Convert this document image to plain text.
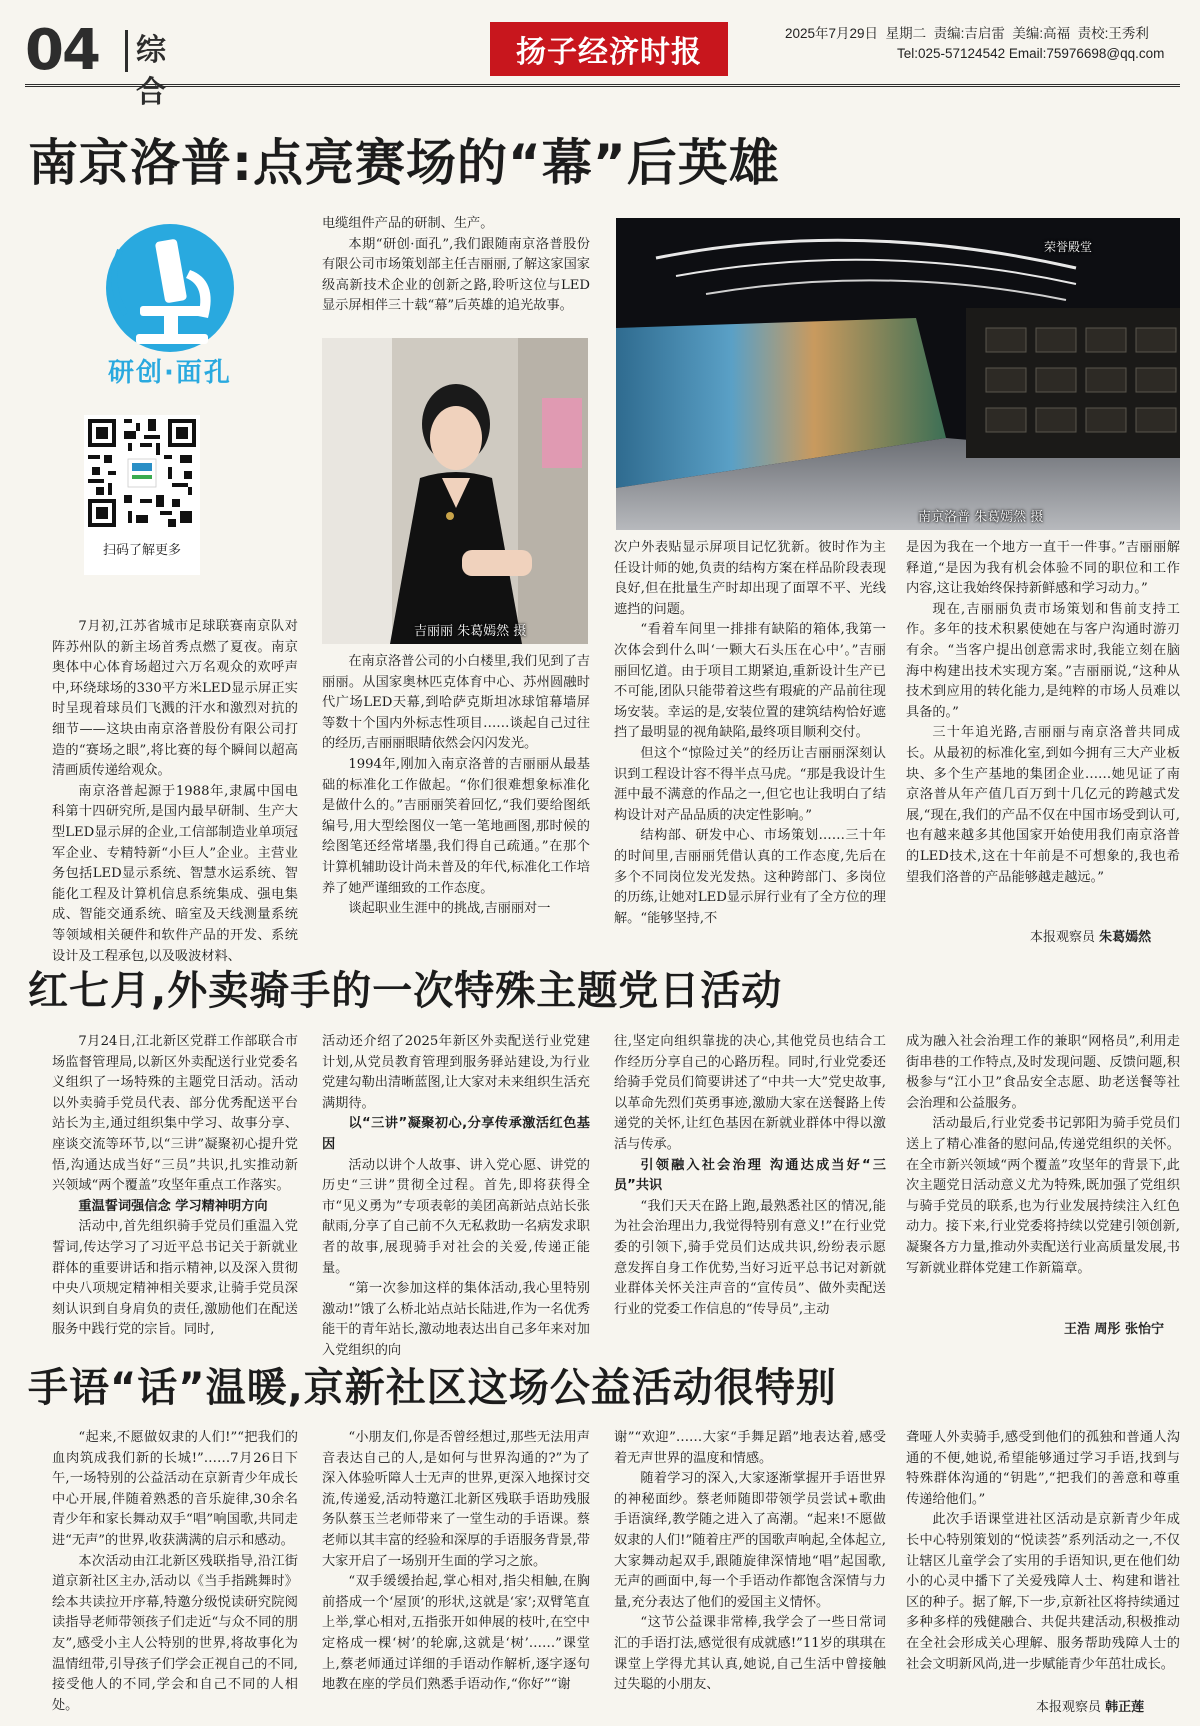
04	综合
扬子经济时报
2025年7月29日 星期二 责编:吉启雷 美编:高福 责校:王秀利
Tel:025-57124542 Email:75976698@qq.com
南京洛普:点亮赛场的“幕”后英雄
研创·面孔
扫码了解更多

7月初,江苏省城市足球联赛南京队对阵苏州队的新主场首秀点燃了夏夜。南京奥体中心体育场超过六万名观众的欢呼声中,环绕球场的330平方米LED显示屏正实时呈现着球员们飞溅的汗水和激烈对抗的细节——这块由南京洛普股份有限公司打造的“赛场之眼”,将比赛的每个瞬间以超高清画质传递给观众。

南京洛普起源于1988年,隶属中国电科第十四研究所,是国内最早研制、生产大型LED显示屏的企业,工信部制造业单项冠军企业、专精特新“小巨人”企业。主营业务包括LED显示系统、智慧水运系统、智能化工程及计算机信息系统集成、强电集成、智能交通系统、暗室及天线测量系统等领域相关硬件和软件产品的开发、系统设计及工程承包,以及吸波材料、

电缆组件产品的研制、生产。

本期“研创·面孔”,我们跟随南京洛普股份有限公司市场策划部主任吉丽丽,了解这家国家级高新技术企业的创新之路,聆听这位与LED显示屏相伴三十载“幕”后英雄的追光故事。

吉丽丽 朱葛嫣然 摄

在南京洛普公司的小白楼里,我们见到了吉丽丽。从国家奥林匹克体育中心、苏州圆融时代广场LED天幕,到哈萨克斯坦冰球馆幕墙屏等数十个国内外标志性项目……谈起自己过往的经历,吉丽丽眼睛依然会闪闪发光。

1994年,刚加入南京洛普的吉丽丽从最基础的标准化工作做起。“你们很难想象标准化是做什么的。”吉丽丽笑着回忆,“我们要给图纸编号,用大型绘图仪一笔一笔地画图,那时候的绘图笔还经常堵墨,我们得自己疏通。”在那个计算机辅助设计尚未普及的年代,标准化工作培养了她严谨细致的工作态度。

谈起职业生涯中的挑战,吉丽丽对一

荣誉殿堂
南京洛普 朱葛嫣然 摄

次户外表贴显示屏项目记忆犹新。彼时作为主任设计师的她,负责的结构方案在样品阶段表现良好,但在批量生产时却出现了面罩不平、光线遮挡的问题。

“看着车间里一排排有缺陷的箱体,我第一次体会到什么叫‘一颗大石头压在心中’。”吉丽丽回忆道。由于项目工期紧迫,重新设计生产已不可能,团队只能带着这些有瑕疵的产品前往现场安装。幸运的是,安装位置的建筑结构恰好遮挡了最明显的视角缺陷,最终项目顺利交付。

但这个“惊险过关”的经历让吉丽丽深刻认识到工程设计容不得半点马虎。“那是我设计生涯中最不满意的作品之一,但它也让我明白了结构设计对产品品质的决定性影响。”

结构部、研发中心、市场策划……三十年的时间里,吉丽丽凭借认真的工作态度,先后在多个不同岗位发光发热。这种跨部门、多岗位的历练,让她对LED显示屏行业有了全方位的理解。“能够坚持,不

是因为我在一个地方一直干一件事。”吉丽丽解释道,“是因为我有机会体验不同的职位和工作内容,这让我始终保持新鲜感和学习动力。”

现在,吉丽丽负责市场策划和售前支持工作。多年的技术积累使她在与客户沟通时游刃有余。“当客户提出创意需求时,我能立刻在脑海中构建出技术实现方案。”吉丽丽说,“这种从技术到应用的转化能力,是纯粹的市场人员难以具备的。”

三十年追光路,吉丽丽与南京洛普共同成长。从最初的标准化室,到如今拥有三大产业板块、多个生产基地的集团企业……她见证了南京洛普从年产值几百万到十几亿元的跨越式发展,“现在,我们的产品不仅在中国市场受到认可,也有越来越多其他国家开始使用我们南京洛普的LED技术,这在十年前是不可想象的,我也希望我们洛普的产品能够越走越远。”

本报观察员 朱葛嫣然
红七月,外卖骑手的一次特殊主题党日活动

7月24日,江北新区党群工作部联合市场监督管理局,以新区外卖配送行业党委名义组织了一场特殊的主题党日活动。活动以外卖骑手党员代表、部分优秀配送平台站长为主,通过组织集中学习、故事分享、座谈交流等环节,以“三讲”凝聚初心提升党悟,沟通达成当好“三员”共识,扎实推动新兴领域“两个覆盖”攻坚年重点工作落实。

重温誓词强信念 学习精神明方向

活动中,首先组织骑手党员们重温入党誓词,传达学习了习近平总书记关于新就业群体的重要讲话和指示精神,以及深入贯彻中央八项规定精神相关要求,让骑手党员深刻认识到自身肩负的责任,激励他们在配送服务中践行党的宗旨。同时,

活动还介绍了2025年新区外卖配送行业党建计划,从党员教育管理到服务驿站建设,为行业党建勾勒出清晰蓝图,让大家对未来组织生活充满期待。

以“三讲”凝聚初心,分享传承激活红色基因

活动以讲个人故事、讲入党心愿、讲党的历史“三讲”贯彻全过程。首先,即将获得全市“见义勇为”专项表彰的美团高新站点站长张献雨,分享了自己前不久无私救助一名病发求职者的故事,展现骑手对社会的关爱,传递正能量。

“第一次参加这样的集体活动,我心里特别激动!”饿了么桥北站点站长陆进,作为一名优秀能干的青年站长,激动地表达出自己多年来对加入党组织的向

往,坚定向组织靠拢的决心,其他党员也结合工作经历分享自己的心路历程。同时,行业党委还给骑手党员们简要讲述了“中共一大”党史故事,以革命先烈们英勇事迹,激励大家在送餐路上传递党的关怀,让红色基因在新就业群体中得以激活与传承。

引领融入社会治理 沟通达成当好“三员”共识

“我们天天在路上跑,最熟悉社区的情况,能为社会治理出力,我觉得特别有意义!”在行业党委的引领下,骑手党员们达成共识,纷纷表示愿意发挥自身工作优势,当好习近平总书记对新就业群体关怀关注声音的“宣传员”、做外卖配送行业的党委工作信息的“传导员”,主动

成为融入社会治理工作的兼职“网格员”,利用走街串巷的工作特点,及时发现问题、反馈问题,积极参与“江小卫”食品安全志愿、助老送餐等社会治理和公益服务。

活动最后,行业党委书记郭阳为骑手党员们送上了精心准备的慰问品,传递党组织的关怀。在全市新兴领域“两个覆盖”攻坚年的背景下,此次主题党日活动意义尤为特殊,既加强了党组织与骑手党员的联系,也为行业发展持续注入红色动力。接下来,行业党委将持续以党建引领创新,凝聚各方力量,推动外卖配送行业高质量发展,书写新就业群体党建工作新篇章。

王浩 周彤 张怡宁
手语“话”温暖,京新社区这场公益活动很特别

“起来,不愿做奴隶的人们!”“把我们的血肉筑成我们新的长城!”……7月26日下午,一场特别的公益活动在京新青少年成长中心开展,伴随着熟悉的音乐旋律,30余名青少年和家长舞动双手“唱”响国歌,共同走进“无声”的世界,收获满满的启示和感动。

本次活动由江北新区残联指导,沿江街道京新社区主办,活动以《当手指跳舞时》绘本共读拉开序幕,特邀分级悦读研究院阅读指导老师带领孩子们走近“与众不同的朋友”,感受小主人公特别的世界,将故事化为温情纽带,引导孩子们学会正视自己的不同,接受他人的不同,学会和自己不同的人相处。

“小朋友们,你是否曾经想过,那些无法用声音表达自己的人,是如何与世界沟通的?”为了深入体验听障人士无声的世界,更深入地探讨交流,传递爱,活动特邀江北新区残联手语助残服务队蔡玉兰老师带来了一堂生动的手语课。蔡老师以其丰富的经验和深厚的手语服务背景,带大家开启了一场别开生面的学习之旅。

“双手缓缓抬起,掌心相对,指尖相触,在胸前搭成一个‘屋顶’的形状,这就是‘家’;双臂笔直上举,掌心相对,五指张开如伸展的枝叶,在空中定格成一棵‘树’的轮廓,这就是‘树’……”课堂上,蔡老师通过详细的手语动作解析,逐字逐句地教在座的学员们熟悉手语动作,“你好”“谢

谢”“欢迎”……大家“手舞足蹈”地表达着,感受着无声世界的温度和情感。

随着学习的深入,大家逐渐掌握开手语世界的神秘面纱。蔡老师随即带领学员尝试+歌曲手语演绎,教学随之进入了高潮。“起来!不愿做奴隶的人们!”随着庄严的国歌声响起,全体起立,大家舞动起双手,跟随旋律深情地“唱”起国歌,无声的画面中,每一个手语动作都饱含深情与力量,充分表达了他们的爱国主义情怀。

“这节公益课非常棒,我学会了一些日常词汇的手语打法,感觉很有成就感!”11岁的琪琪在课堂上学得尤其认真,她说,自己生活中曾接触过失聪的小朋友、

聋哑人外卖骑手,感受到他们的孤独和普通人沟通的不便,她说,希望能够通过学习手语,找到与特殊群体沟通的“钥匙”,“把我们的善意和尊重传递给他们。”

此次手语课堂进社区活动是京新青少年成长中心特别策划的“悦读荟”系列活动之一,不仅让辖区儿童学会了实用的手语知识,更在他们幼小的心灵中播下了关爱残障人士、构建和谐社区的种子。据了解,下一步,京新社区将持续通过多种多样的残健融合、共促共建活动,积极推动在全社会形成关心理解、服务帮助残障人士的社会文明新风尚,进一步赋能青少年茁壮成长。

本报观察员 韩正莲
